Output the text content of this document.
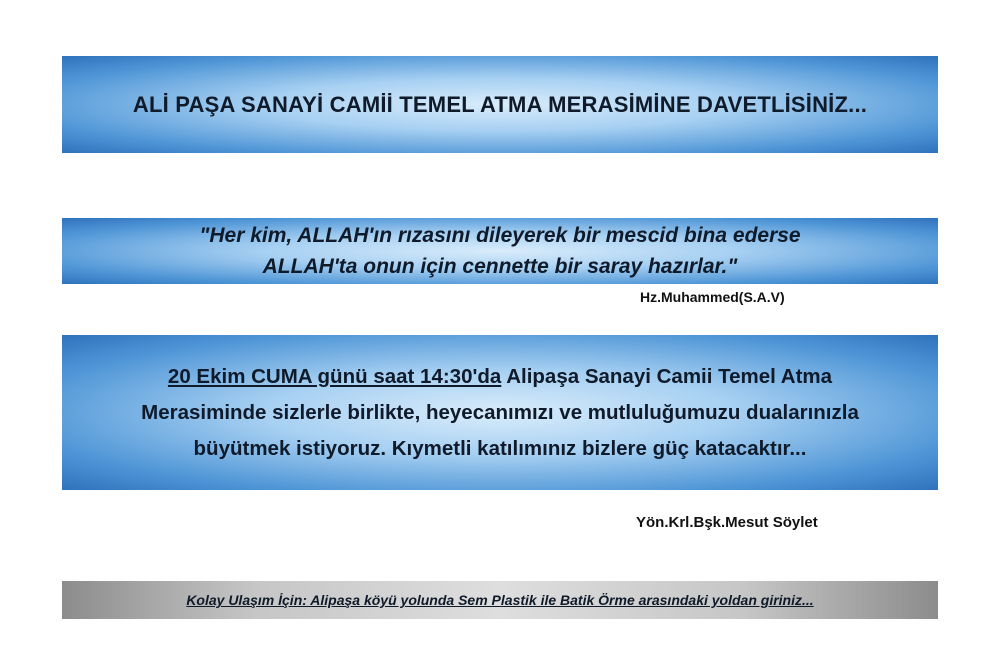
ALİ PAŞA SANAYİ CAMİİ TEMEL ATMA MERASİMİNE DAVETLİSİNİZ...
"Her kim, ALLAH'ın rızasını dileyerek bir mescid bina ederse
ALLAH'ta onun için cennette bir saray hazırlar."
Hz.Muhammed(S.A.V)
20 Ekim CUMA günü saat 14:30'da Alipaşa Sanayi Camii Temel Atma
Merasiminde sizlerle birlikte, heyecanımızı ve mutluluğumuzu dualarınızla
büyütmek istiyoruz. Kıymetli katılımınız bizlere güç katacaktır...
Yön.Krl.Bşk.Mesut Söylet
Kolay Ulaşım İçin: Alipaşa köyü yolunda Sem Plastik ile Batik Örme arasındaki yoldan giriniz...
